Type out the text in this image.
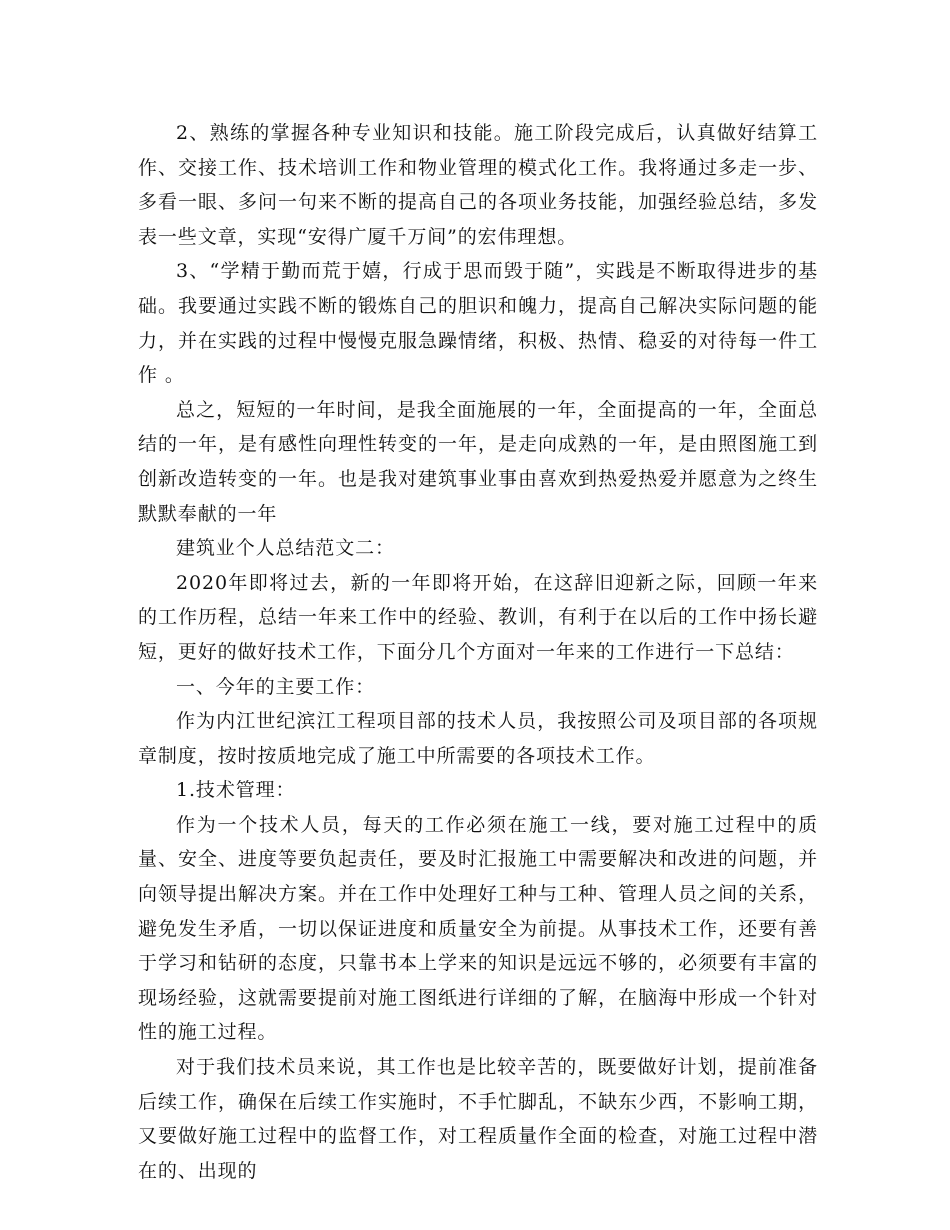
2、熟练的掌握各种专业知识和技能。施工阶段完成后，认真做好结算工作、交接工作、技术培训工作和物业管理的模式化工作。我将通过多走一步、多看一眼、多问一句来不断的提高自己的各项业务技能，加强经验总结，多发表一些文章，实现“安得广厦千万间”的宏伟理想。

3、“学精于勤而荒于嬉，行成于思而毁于随”，实践是不断取得进步的基础。我要通过实践不断的锻炼自己的胆识和魄力，提高自己解决实际问题的能力，并在实践的过程中慢慢克服急躁情绪，积极、热情、稳妥的对待每一件工作 。

总之，短短的一年时间，是我全面施展的一年，全面提高的一年，全面总结的一年，是有感性向理性转变的一年，是走向成熟的一年，是由照图施工到创新改造转变的一年。也是我对建筑事业事由喜欢到热爱热爱并愿意为之终生默默奉献的一年

建筑业个人总结范文二：

2020年即将过去，新的一年即将开始，在这辞旧迎新之际，回顾一年来的工作历程，总结一年来工作中的经验、教训，有利于在以后的工作中扬长避短，更好的做好技术工作，下面分几个方面对一年来的工作进行一下总结：

一、今年的主要工作：

作为内江世纪滨江工程项目部的技术人员，我按照公司及项目部的各项规章制度，按时按质地完成了施工中所需要的各项技术工作。

1.技术管理：

作为一个技术人员，每天的工作必须在施工一线，要对施工过程中的质量、安全、进度等要负起责任，要及时汇报施工中需要解决和改进的问题，并向领导提出解决方案。并在工作中处理好工种与工种、管理人员之间的关系，避免发生矛盾，一切以保证进度和质量安全为前提。从事技术工作，还要有善于学习和钻研的态度，只靠书本上学来的知识是远远不够的，必须要有丰富的现场经验，这就需要提前对施工图纸进行详细的了解，在脑海中形成一个针对性的施工过程。

对于我们技术员来说，其工作也是比较辛苦的，既要做好计划，提前准备后续工作，确保在后续工作实施时，不手忙脚乱，不缺东少西，不影响工期，又要做好施工过程中的监督工作，对工程质量作全面的检查，对施工过程中潜在的、出现的
